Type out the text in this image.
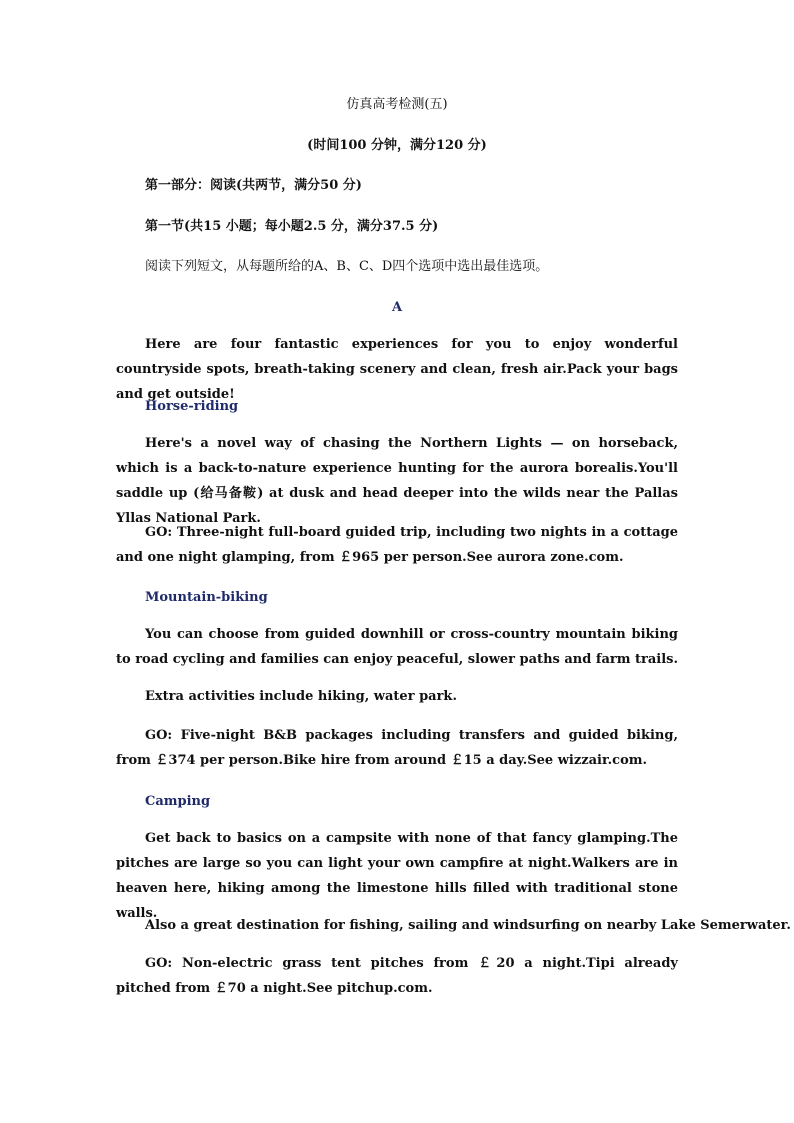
仿真高考检测(五)
(时间100 分钟，满分120 分)
第一部分：阅读(共两节，满分50 分)
第一节(共15 小题；每小题2.5 分，满分37.5 分)
阅读下列短文，从每题所给的A、B、C、D四个选项中选出最佳选项。
A
Here are four fantastic experiences for you to enjoy wonderful countryside spots, breath-taking scenery and clean, fresh air.Pack your bags and get outside!
Horse-riding
Here's a novel way of chasing the Northern Lights — on horseback, which is a back-to-nature experience hunting for the aurora borealis.You'll saddle up (给马备鞍) at dusk and head deeper into the wilds near the Pallas Yllas National Park.
GO: Three-night full-board guided trip, including two nights in a cottage and one night glamping, from ￡965 per person.See aurora zone.com.
Mountain-biking
You can choose from guided downhill or cross-country mountain biking to road cycling and families can enjoy peaceful, slower paths and farm trails.
Extra activities include hiking, water park.
GO: Five-night B&B packages including transfers and guided biking, from ￡374 per person.Bike hire from around ￡15 a day.See wizzair.com.
Camping
Get back to basics on a campsite with none of that fancy glamping.The pitches are large so you can light your own campfire at night.Walkers are in heaven here, hiking among the limestone hills filled with traditional stone walls.
Also a great destination for fishing, sailing and windsurfing on nearby Lake Semerwater.
GO: Non-electric grass tent pitches from ￡20 a night.Tipi already pitched from ￡70 a night.See pitchup.com.
